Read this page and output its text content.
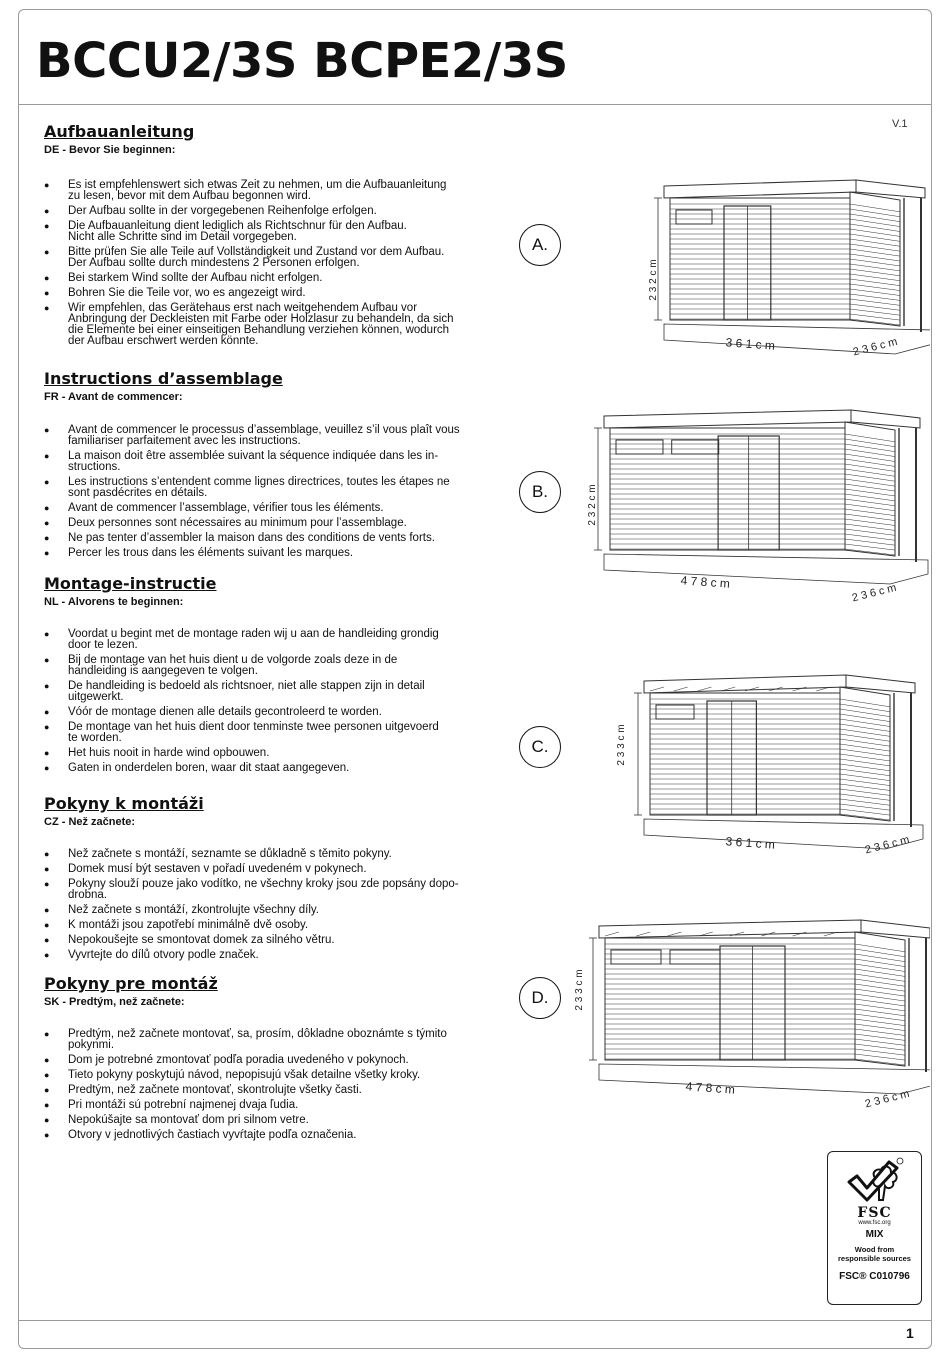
BCCU2/3S BCPE2/3S
V.1
Aufbauanleitung
DE - Bevor Sie beginnen:
● Es ist empfehlenswert sich etwas Zeit zu nehmen, um die Aufbauanleitung
zu lesen, bevor mit dem Aufbau begonnen wird.
● Der Aufbau sollte in der vorgegebenen Reihenfolge erfolgen.
● Die Aufbauanleitung dient lediglich als Richtschnur für den Aufbau.
Nicht alle Schritte sind im Detail vorgegeben.
● Bitte prüfen Sie alle Teile auf Vollständigkeit und Zustand vor dem Aufbau.
Der Aufbau sollte durch mindestens 2 Personen erfolgen.
● Bei starkem Wind sollte der Aufbau nicht erfolgen.
● Bohren Sie die Teile vor, wo es angezeigt wird.
● Wir empfehlen, das Gerätehaus erst nach weitgehendem Aufbau vor
Anbringung der Deckleisten mit Farbe oder Holzlasur zu behandeln, da sich
die Elemente bei einer einseitigen Behandlung verziehen können, wodurch
der Aufbau erschwert werden könnte.
Instructions d’assemblage
FR - Avant de commencer:
● Avant de commencer le processus d’assemblage, veuillez s’il vous plaît vous
familiariser parfaitement avec les instructions.
● La maison doit être assemblée suivant la séquence indiquée dans les in-
structions.
● Les instructions s’entendent comme lignes directrices, toutes les étapes ne
sont pasdécrites en détails.
● Avant de commencer l’assemblage, vérifier tous les éléments.
● Deux personnes sont nécessaires au minimum pour l’assemblage.
● Ne pas tenter d’assembler la maison dans des conditions de vents forts.
● Percer les trous dans les éléments suivant les marques.
Montage-instructie
NL - Alvorens te beginnen:
● Voordat u begint met de montage raden wij u aan de handleiding grondig
door te lezen.
● Bij de montage van het huis dient u de volgorde zoals deze in de
handleiding is aangegeven te volgen.
● De handleiding is bedoeld als richtsnoer, niet alle stappen zijn in detail
uitgewerkt.
● Vóór de montage dienen alle details gecontroleerd te worden.
● De montage van het huis dient door tenminste twee personen uitgevoerd
te worden.
● Het huis nooit in harde wind opbouwen.
● Gaten in onderdelen boren, waar dit staat aangegeven.
Pokyny k montáži
CZ - Než začnete:
● Než začnete s montáží, seznamte se důkladně s těmito pokyny.
● Domek musí být sestaven v pořadí uvedeném v pokynech.
● Pokyny slouží pouze jako vodítko, ne všechny kroky jsou zde popsány dopo-
drobna.
● Než začnete s montáží, zkontrolujte všechny díly.
● K montáži jsou zapotřebí minimálně dvě osoby.
● Nepokoušejte se smontovat domek za silného větru.
● Vyvrtejte do dílů otvory podle značek.
Pokyny pre montáž
SK - Predtým, než začnete:
● Predtým, než začnete montovať, sa, prosím, dôkladne oboznámte s týmito
pokynmi.
● Dom je potrebné zmontovať podľa poradia uvedeného v pokynoch.
● Tieto pokyny poskytujú návod, nepopisujú však detailne všetky kroky.
● Predtým, než začnete montovať, skontrolujte všetky časti.
● Pri montáži sú potrební najmenej dvaja ľudia.
● Nepokúšajte sa montovať dom pri silnom vetre.
● Otvory v jednotlivých častiach vyvŕtajte podľa označenia.
A.
B.
C.
D.
2 3 2 c m
3 6 1 c m	2 3 6 c m
2 3 2 c m
4 7 8 c m	2 3 6 c m
2 3 3 c m
3 6 1 c m	2 3 6 c m
2 3 3 c m
4 7 8 c m	2 3 6 c m
FSC
www.fsc.org
MIX
Wood from
responsible sources
FSC® C010796
1
